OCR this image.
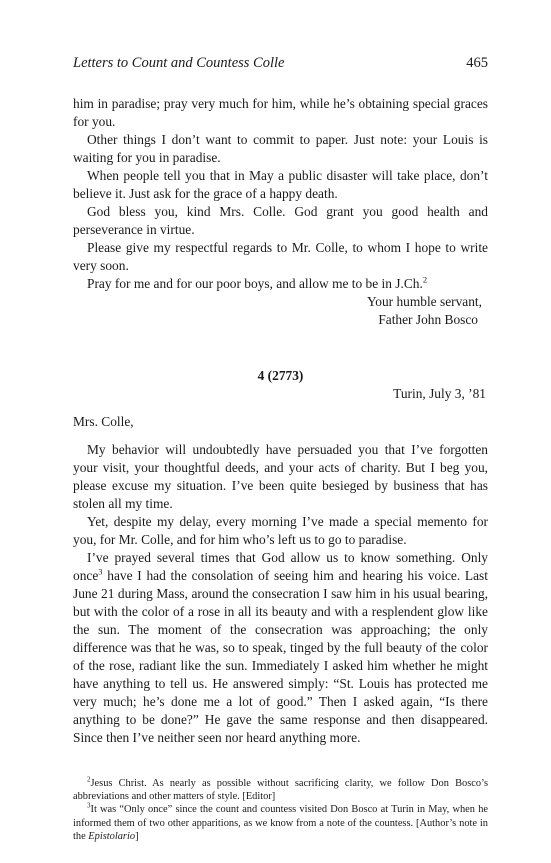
Letters to Count and Countess Colle	465

him in paradise; pray very much for him, while he’s obtaining special graces for you.

Other things I don’t want to commit to paper. Just note: your Louis is waiting for you in paradise.

When people tell you that in May a public disaster will take place, don’t believe it. Just ask for the grace of a happy death.

God bless you, kind Mrs. Colle. God grant you good health and perseverance in virtue.

Please give my respectful regards to Mr. Colle, to whom I hope to write very soon.

Pray for me and for our poor boys, and allow me to be in J.Ch.$^2$

Your humble servant,
Father John Bosco
4 (2773)
Turin, July 3, ’81
Mrs. Colle,

My behavior will undoubtedly have persuaded you that I’ve forgotten your visit, your thoughtful deeds, and your acts of charity. But I beg you, please excuse my situation. I’ve been quite besieged by business that has stolen all my time.

Yet, despite my delay, every morning I’ve made a special memento for you, for Mr. Colle, and for him who’s left us to go to paradise.

I’ve prayed several times that God allow us to know something. Only once$^3$ have I had the consolation of seeing him and hearing his voice. Last June 21 during Mass, around the consecration I saw him in his usual bearing, but with the color of a rose in all its beauty and with a resplendent glow like the sun. The moment of the consecration was approaching; the only difference was that he was, so to speak, tinged by the full beauty of the color of the rose, radiant like the sun. Immediately I asked him whether he might have anything to tell us. He answered simply: “St. Louis has protected me very much; he’s done me a lot of good.” Then I asked again, “Is there anything to be done?” He gave the same response and then disappeared. Since then I’ve neither seen nor heard anything more.

$^2$Jesus Christ. As nearly as possible without sacrificing clarity, we follow Don Bosco’s abbreviations and other matters of style. [Editor]

$^3$It was “Only once” since the count and countess visited Don Bosco at Turin in May, when he informed them of two other apparitions, as we know from a note of the countess. [Author’s note in the Epistolario]
